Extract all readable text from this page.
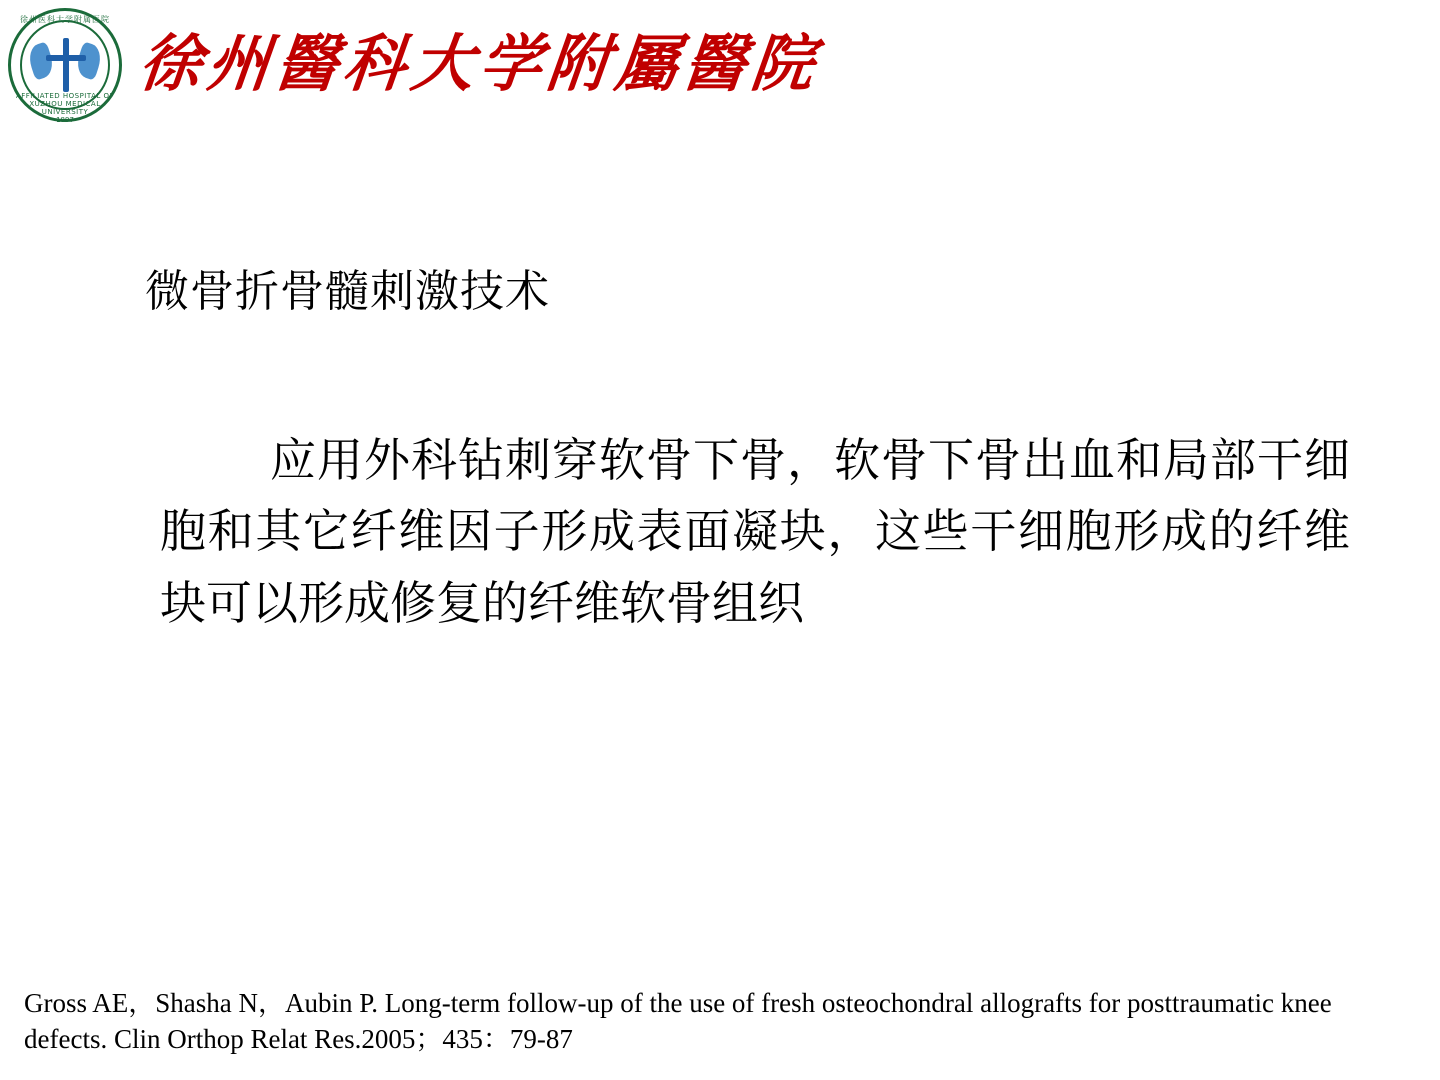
徐州医科大学附属医院
AFFILIATED HOSPITAL OF XUZHOU MEDICAL UNIVERSITY
1897
徐州醫科大学附屬醫院
微骨折骨髓刺激技术
应用外科钻刺穿软骨下骨，软骨下骨出血和局部干细胞和其它纤维因子形成表面凝块，这些干细胞形成的纤维块可以形成修复的纤维软骨组织
Gross AE，Shasha N，Aubin P. Long-term follow-up of the use of fresh osteochondral allografts for posttraumatic knee defects. Clin Orthop Relat Res.2005；435：79-87
